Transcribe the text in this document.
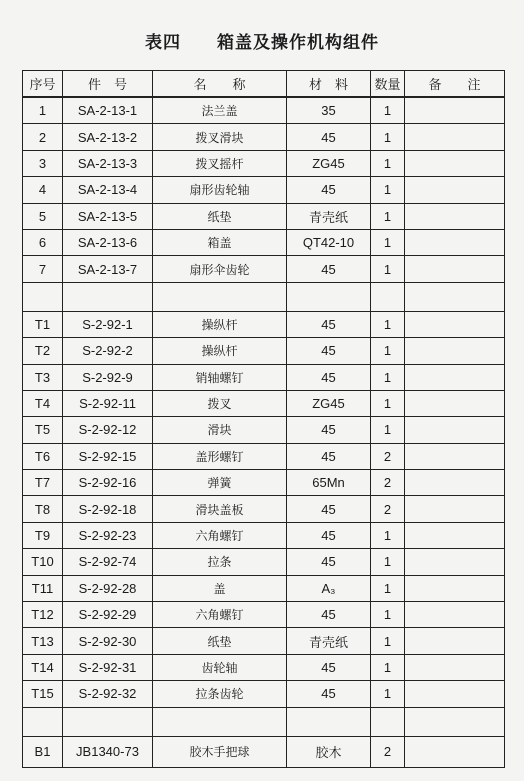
表四　　箱盖及操作机构组件
序号	件　号	名　　称	材　料	数量	备　　注
1	SA-2-13-1	法兰盖	35	1	
2	SA-2-13-2	拨叉滑块	45	1	
3	SA-2-13-3	拨叉摇杆	ZG45	1	
4	SA-2-13-4	扇形齿轮轴	45	1	
5	SA-2-13-5	纸垫	青壳纸	1	
6	SA-2-13-6	箱盖	QT42-10	1	
7	SA-2-13-7	扇形伞齿轮	45	1	

T1	S-2-92-1	操纵杆	45	1	
T2	S-2-92-2	操纵杆	45	1	
T3	S-2-92-9	销轴螺钉	45	1	
T4	S-2-92-11	拨叉	ZG45	1	
T5	S-2-92-12	滑块	45	1	
T6	S-2-92-15	盖形螺钉	45	2	
T7	S-2-92-16	弹簧	65Mn	2	
T8	S-2-92-18	滑块盖板	45	2	
T9	S-2-92-23	六角螺钉	45	1	
T10	S-2-92-74	拉条	45	1	
T11	S-2-92-28	盖	A₃	1	
T12	S-2-92-29	六角螺钉	45	1	
T13	S-2-92-30	纸垫	青壳纸	1	
T14	S-2-92-31	齿轮轴	45	1	
T15	S-2-92-32	拉条齿轮	45	1	

B1	JB1340-73	胶木手把球	胶木	2	
